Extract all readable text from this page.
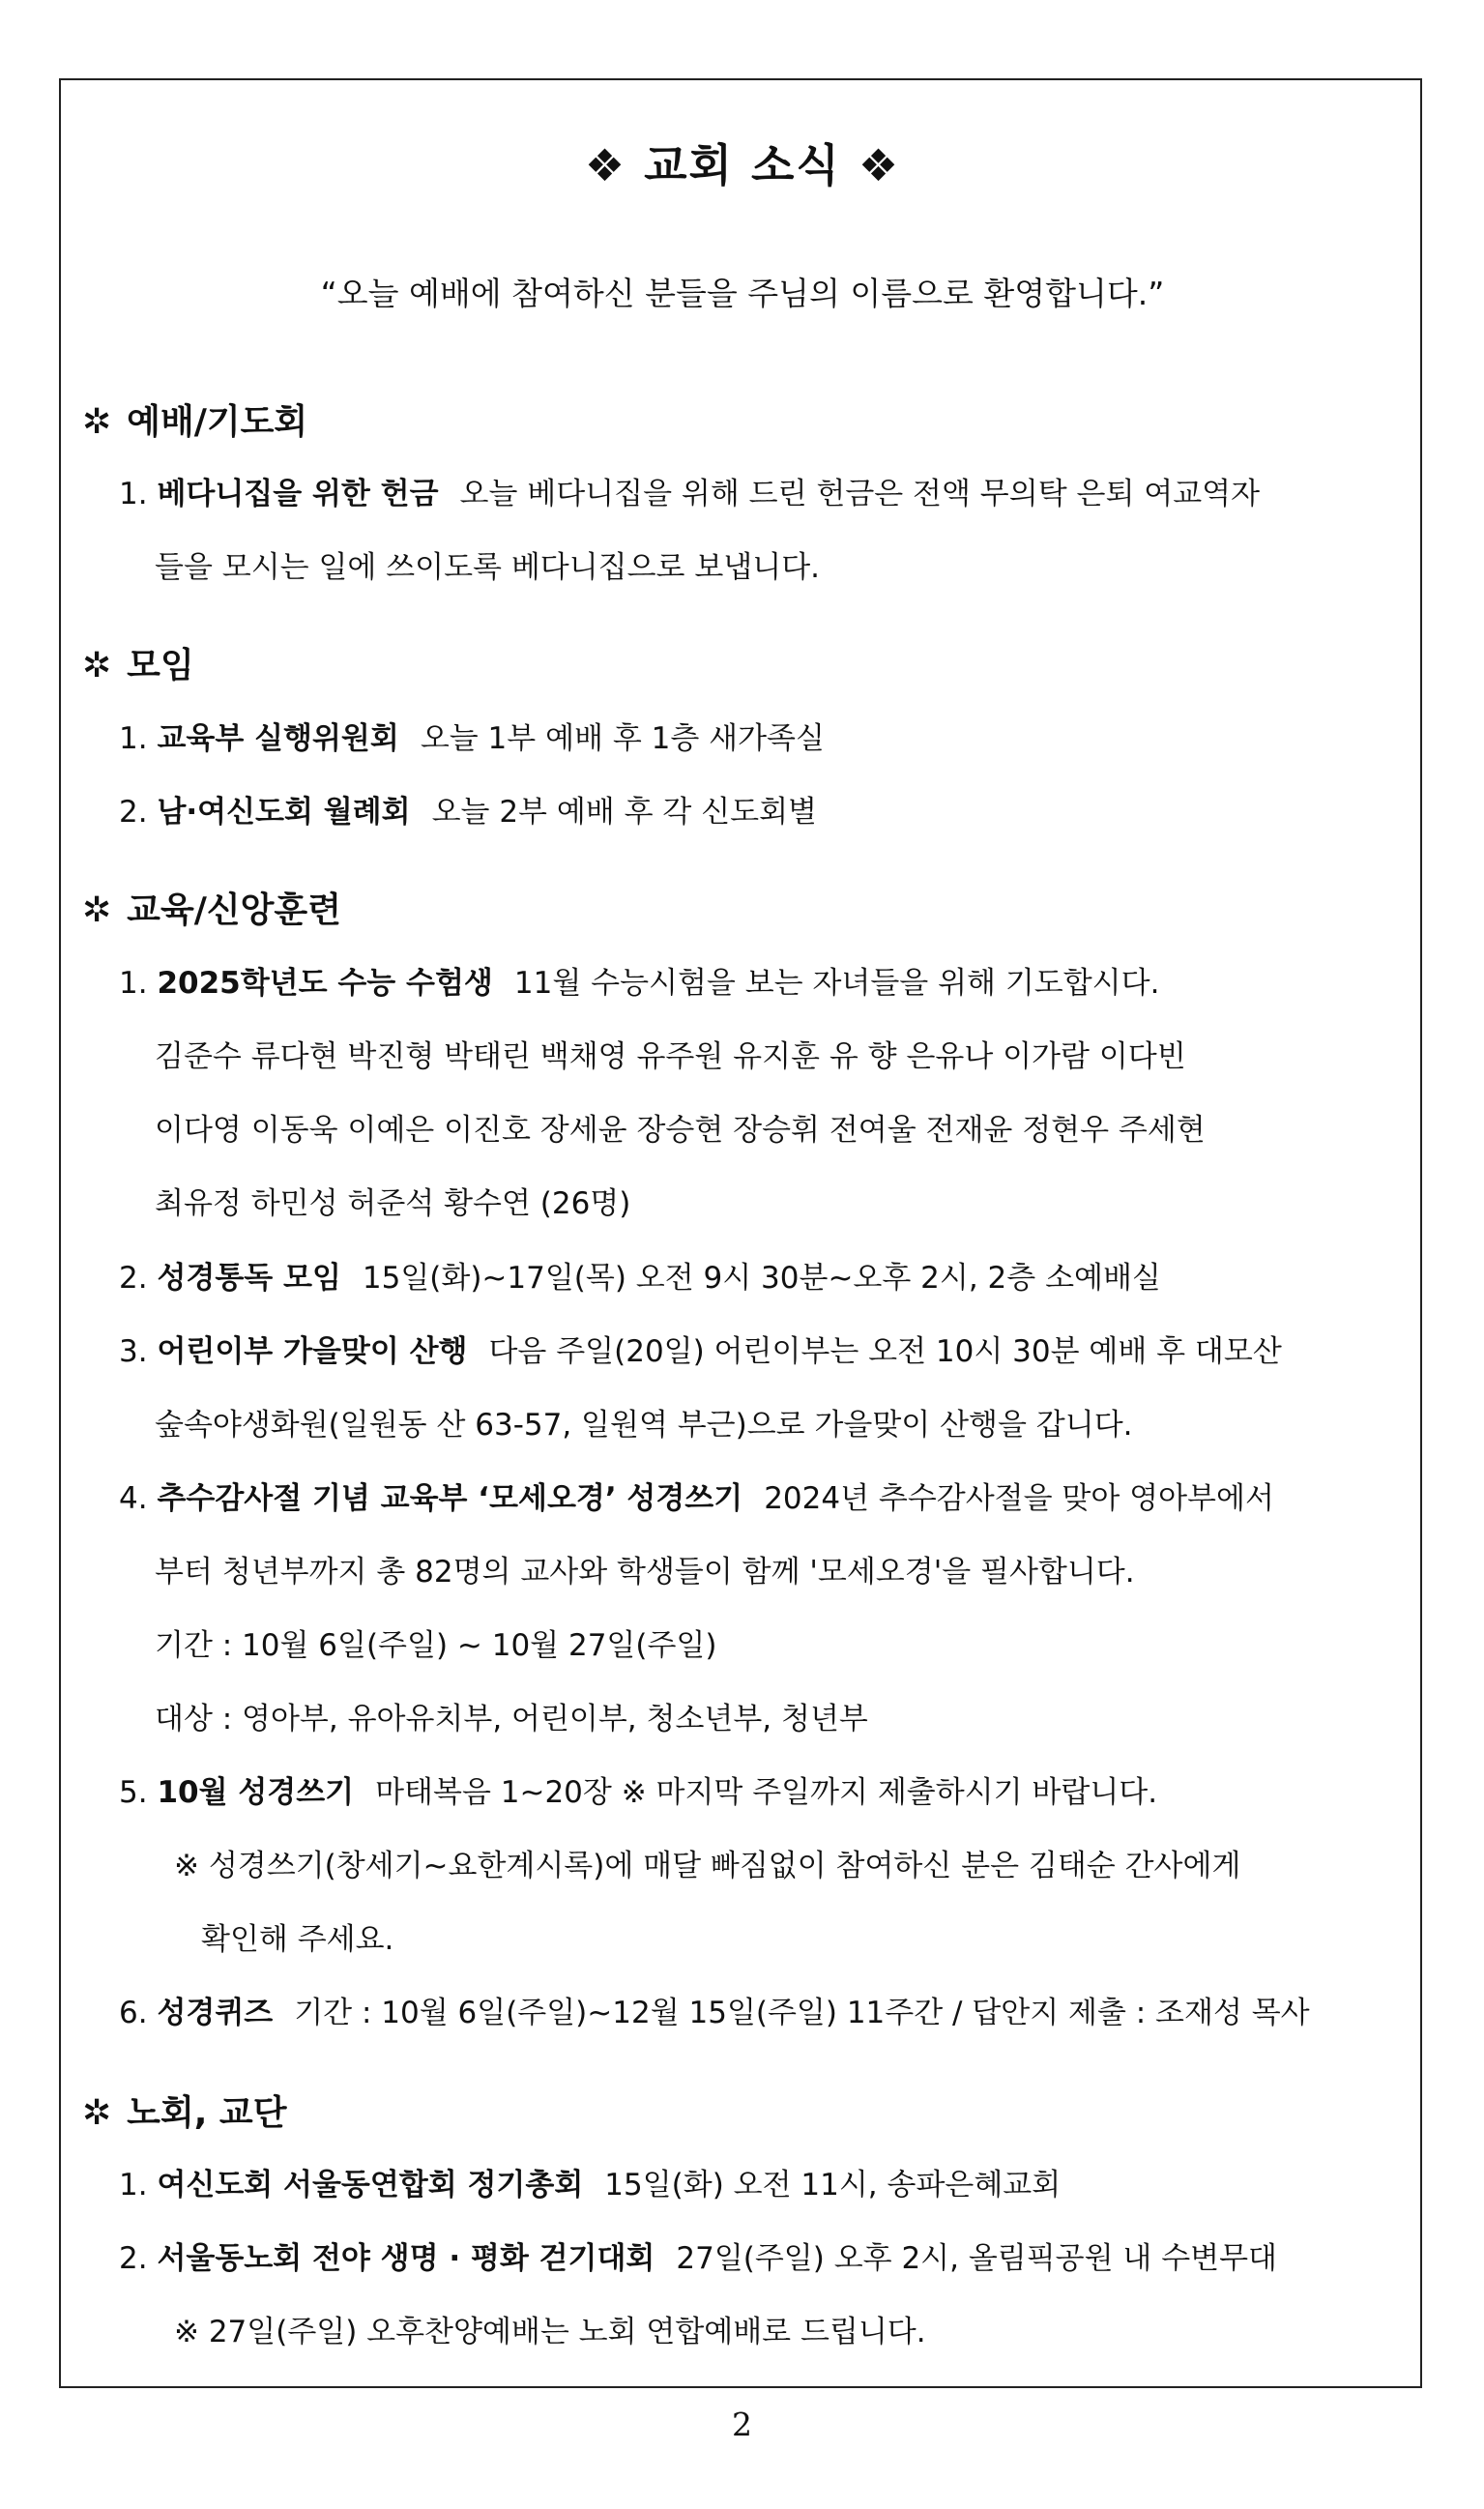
❖ 교회 소식 ❖
“오늘 예배에 참여하신 분들을 주님의 이름으로 환영합니다.”
✲ 예배/기도회
1. 베다니집을 위한 헌금 오늘 베다니집을 위해 드린 헌금은 전액 무의탁 은퇴 여교역자
들을 모시는 일에 쓰이도록 베다니집으로 보냅니다.
✲ 모임
1. 교육부 실행위원회 오늘 1부 예배 후 1층 새가족실
2. 남·여신도회 월례회 오늘 2부 예배 후 각 신도회별
✲ 교육/신앙훈련
1. 2025학년도 수능 수험생 11월 수능시험을 보는 자녀들을 위해 기도합시다.
김준수 류다현 박진형 박태린 백채영 유주원 유지훈 유 향 은유나 이가람 이다빈
이다영 이동욱 이예은 이진호 장세윤 장승현 장승휘 전여울 전재윤 정현우 주세현
최유정 하민성 허준석 황수연 (26명)
2. 성경통독 모임 15일(화)~17일(목) 오전 9시 30분~오후 2시, 2층 소예배실
3. 어린이부 가을맞이 산행 다음 주일(20일) 어린이부는 오전 10시 30분 예배 후 대모산
숲속야생화원(일원동 산 63-57, 일원역 부근)으로 가을맞이 산행을 갑니다.
4. 추수감사절 기념 교육부 ‘모세오경’ 성경쓰기 2024년 추수감사절을 맞아 영아부에서
부터 청년부까지 총 82명의 교사와 학생들이 함께 '모세오경'을 필사합니다.
기간 : 10월 6일(주일) ~ 10월 27일(주일)
대상 : 영아부, 유아유치부, 어린이부, 청소년부, 청년부
5. 10월 성경쓰기 마태복음 1~20장 ※ 마지막 주일까지 제출하시기 바랍니다.
※ 성경쓰기(창세기~요한계시록)에 매달 빠짐없이 참여하신 분은 김태순 간사에게
확인해 주세요.
6. 성경퀴즈 기간 : 10월 6일(주일)~12월 15일(주일) 11주간 / 답안지 제출 : 조재성 목사
✲ 노회, 교단
1. 여신도회 서울동연합회 정기총회 15일(화) 오전 11시, 송파은혜교회
2. 서울동노회 전야 생명 · 평화 걷기대회 27일(주일) 오후 2시, 올림픽공원 내 수변무대
※ 27일(주일) 오후찬양예배는 노회 연합예배로 드립니다.
2
